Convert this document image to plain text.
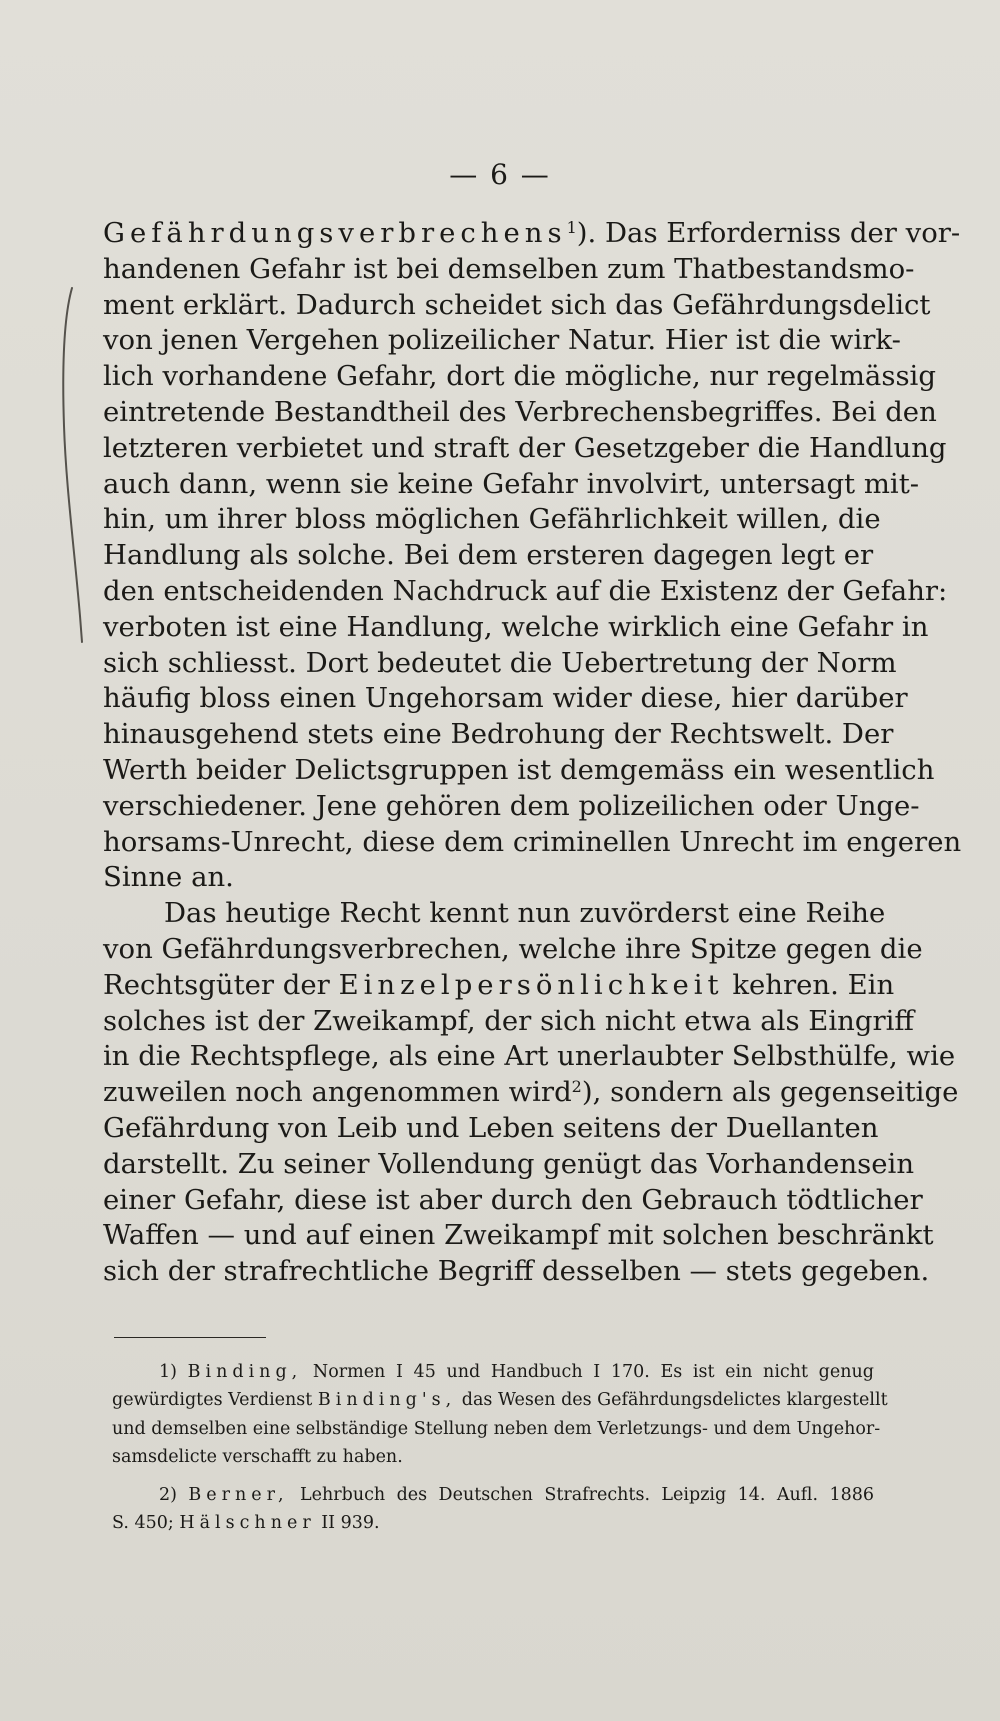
— 6 —
Gefährdungsverbrechens$^1$). Das Erforderniss der vor-
handenen Gefahr ist bei demselben zum Thatbestandsmo-
ment erklärt. Dadurch scheidet sich das Gefährdungsdelict
von jenen Vergehen polizeilicher Natur. Hier ist die wirk-
lich vorhandene Gefahr, dort die mögliche, nur regelmässig
eintretende Bestandtheil des Verbrechensbegriffes. Bei den
letzteren verbietet und straft der Gesetzgeber die Handlung
auch dann, wenn sie keine Gefahr involvirt, untersagt mit-
hin, um ihrer bloss möglichen Gefährlichkeit willen, die
Handlung als solche. Bei dem ersteren dagegen legt er
den entscheidenden Nachdruck auf die Existenz der Gefahr:
verboten ist eine Handlung, welche wirklich eine Gefahr in
sich schliesst. Dort bedeutet die Uebertretung der Norm
häufig bloss einen Ungehorsam wider diese, hier darüber
hinausgehend stets eine Bedrohung der Rechtswelt. Der
Werth beider Delictsgruppen ist demgemäss ein wesentlich
verschiedener. Jene gehören dem polizeilichen oder Unge-
horsams-Unrecht, diese dem criminellen Unrecht im engeren
Sinne an.
Das heutige Recht kennt nun zuvörderst eine Reihe
von Gefährdungsverbrechen, welche ihre Spitze gegen die
Rechtsgüter der Einzelpersönlichkeit kehren. Ein
solches ist der Zweikampf, der sich nicht etwa als Eingriff
in die Rechtspflege, als eine Art unerlaubter Selbsthülfe, wie
zuweilen noch angenommen wird$^2$), sondern als gegenseitige
Gefährdung von Leib und Leben seitens der Duellanten
darstellt. Zu seiner Vollendung genügt das Vorhandensein
einer Gefahr, diese ist aber durch den Gebrauch tödtlicher
Waffen — und auf einen Zweikampf mit solchen beschränkt
sich der strafrechtliche Begriff desselben — stets gegeben.
1) Binding, Normen I 45 und Handbuch I 170. Es ist ein nicht genug
gewürdigtes Verdienst Binding's, das Wesen des Gefährdungsdelictes klargestellt
und demselben eine selbständige Stellung neben dem Verletzungs- und dem Ungehor-
samsdelicte verschafft zu haben.
2) Berner, Lehrbuch des Deutschen Strafrechts. Leipzig 14. Aufl. 1886
S. 450; Hälschner II 939.
